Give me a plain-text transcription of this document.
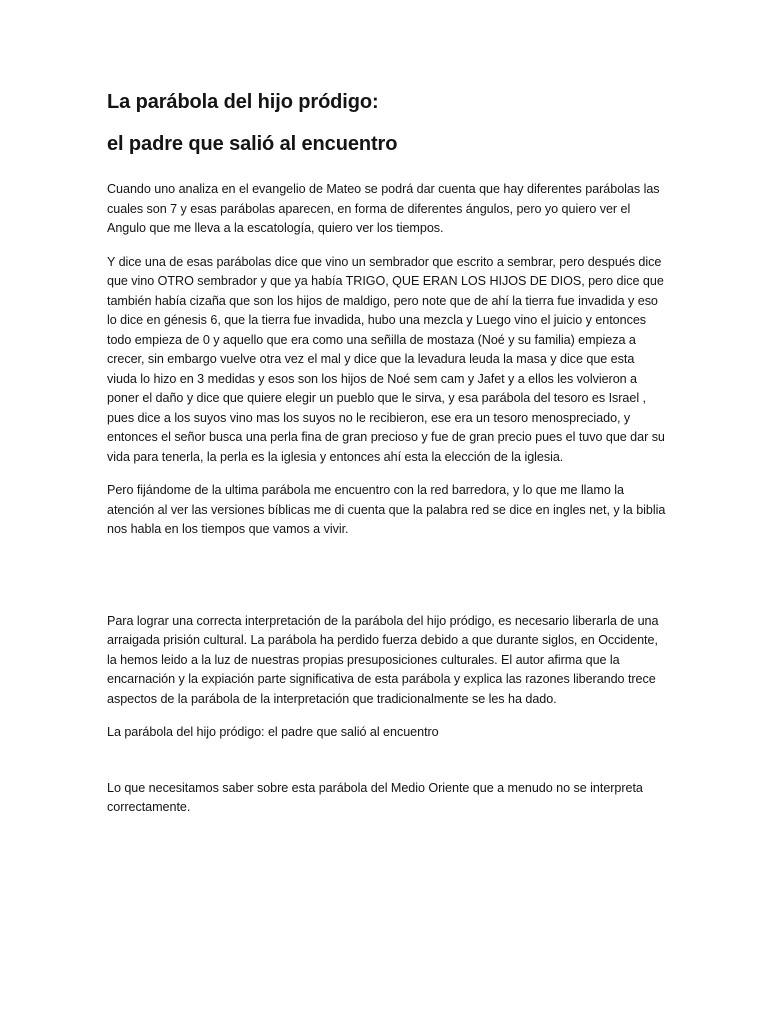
La parábola del hijo pródigo:
el padre que salió al encuentro

Cuando uno analiza en el evangelio de Mateo se podrá dar cuenta que hay diferentes parábolas las cuales son 7 y esas parábolas aparecen, en forma de diferentes ángulos, pero yo quiero ver el Angulo que me lleva a la escatología, quiero ver los tiempos.

Y dice una de esas parábolas dice que vino un sembrador que escrito a sembrar, pero después dice que vino OTRO sembrador y que ya había TRIGO, QUE ERAN LOS HIJOS DE DIOS, pero dice que también había cizaña que son los hijos de maldigo, pero note que de ahí la tierra fue invadida y eso lo dice en génesis 6, que la tierra fue invadida, hubo una mezcla y Luego vino el juicio y entonces todo empieza de 0 y aquello que era como una señilla de mostaza (Noé y su familia) empieza a crecer, sin embargo vuelve otra vez el mal y dice que la levadura leuda la masa y dice que esta viuda lo hizo en 3 medidas y esos son los hijos de Noé sem cam y Jafet y a ellos les volvieron a poner el daño y dice que quiere elegir un pueblo que le sirva, y esa parábola del tesoro es Israel , pues dice a los suyos vino mas los suyos no le recibieron, ese era un tesoro menospreciado, y entonces el señor busca una perla fina de gran precioso y fue de gran precio pues el tuvo que dar su vida para tenerla, la perla es la iglesia y entonces ahí esta la elección de la iglesia.

Pero fijándome de la ultima parábola me encuentro con la red barredora, y lo que me llamo la atención al ver las versiones bíblicas me di cuenta que la palabra red se dice en ingles net, y la biblia nos habla en los tiempos que vamos a vivir.

Para lograr una correcta interpretación de la parábola del hijo pródigo, es necesario liberarla de una arraigada prisión cultural. La parábola ha perdido fuerza debido a que durante siglos, en Occidente, la hemos leido a la luz de nuestras propias presuposiciones culturales. El autor afirma que la encarnación y la expiación parte significativa de esta parábola y explica las razones liberando trece aspectos de la parábola de la interpretación que tradicionalmente se les ha dado.

La parábola del hijo pródigo: el padre que salió al encuentro

Lo que necesitamos saber sobre esta parábola del Medio Oriente que a menudo no se interpreta correctamente.
